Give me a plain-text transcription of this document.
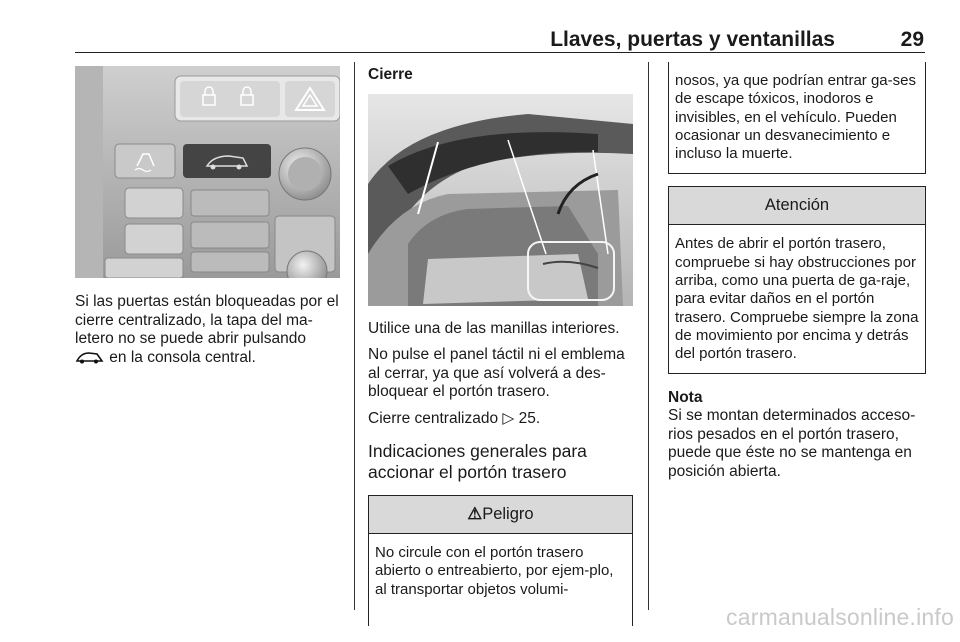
Llaves, puertas y ventanillas	29

Si las puertas están bloqueadas por el cierre centralizado, la tapa del ma-letero no se puede abrir pulsando
en la consola central.

Cierre

Utilice una de las manillas interiores.

No pulse el panel táctil ni el emblema al cerrar, ya que así volverá a des-bloquear el portón trasero.

Cierre centralizado ▷ 25.

Indicaciones generales para accionar el portón trasero

⚠Peligro

No circule con el portón trasero abierto o entreabierto, por ejem-plo, al transportar objetos volumi-

nosos, ya que podrían entrar ga-ses de escape tóxicos, inodoros e invisibles, en el vehículo. Pueden ocasionar un desvanecimiento e incluso la muerte.

Atención

Antes de abrir el portón trasero, compruebe si hay obstrucciones por arriba, como una puerta de ga-raje, para evitar daños en el portón trasero. Compruebe siempre la zona de movimiento por encima y detrás del portón trasero.

Nota

Si se montan determinados acceso-rios pesados en el portón trasero, puede que éste no se mantenga en posición abierta.

carmanualsonline.info
